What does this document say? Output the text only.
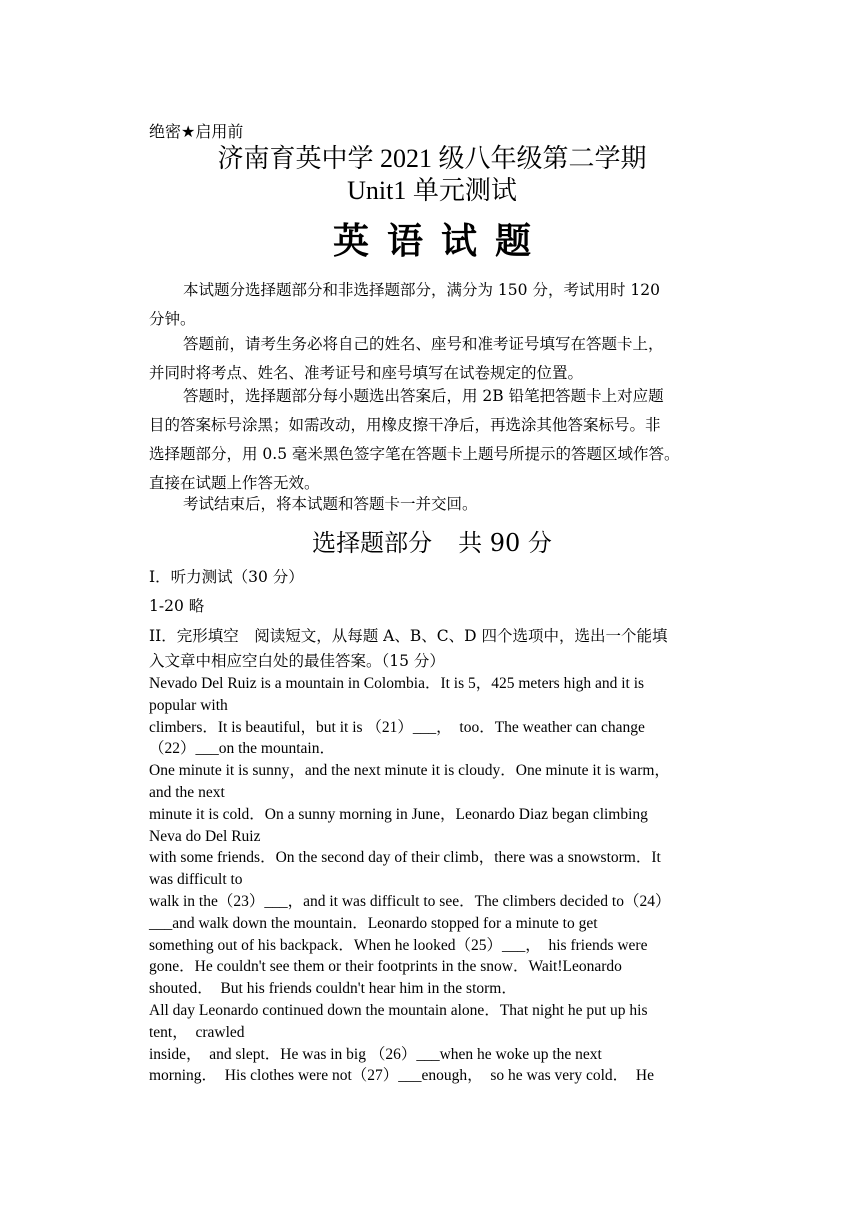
绝密★启用前
济南育英中学 2021 级八年级第二学期
Unit1 单元测试
英语试题
本试题分选择题部分和非选择题部分，满分为 150 分，考试用时 120
分钟。
答题前，请考生务必将自己的姓名、座号和准考证号填写在答题卡上，
并同时将考点、姓名、准考证号和座号填写在试卷规定的位置。
答题时，选择题部分每小题选出答案后，用 2B 铅笔把答题卡上对应题
目的答案标号涂黑；如需改动，用橡皮擦干净后，再选涂其他答案标号。非
选择题部分，用 0.5 毫米黑色签字笔在答题卡上题号所提示的答题区域作答。
直接在试题上作答无效。
考试结束后，将本试题和答题卡一并交回。
选择题部分 共 90 分
I．听力测试（30 分）
1-20 略
II．完形填空　阅读短文，从每题 A、B、C、D 四个选项中，选出一个能填
入文章中相应空白处的最佳答案。（15 分）
Nevado Del Ruiz is a mountain in Colombia．It is 5，425 meters high and it is
popular with
climbers．It is beautiful，but it is （21）___，　too．The weather can change
（22）___on the mountain．
One minute it is sunny，and the next minute it is cloudy．One minute it is warm，
and the next
minute it is cold．On a sunny morning in June，Leonardo Diaz began climbing
Neva do Del Ruiz
with some friends．On the second day of their climb，there was a snowstorm．It
was difficult to
walk in the（23）___，and it was difficult to see．The climbers decided to（24）
___and walk down the mountain．Leonardo stopped for a minute to get
something out of his backpack．When he looked（25）___，　his friends were
gone．He couldn't see them or their footprints in the snow．Wait!Leonardo
shouted．　But his friends couldn't hear him in the storm．
All day Leonardo continued down the mountain alone．That night he put up his
tent，　crawled
inside，　and slept．He was in big （26）___when he woke up the next
morning．　His clothes were not（27）___enough，　so he was very cold．　He
